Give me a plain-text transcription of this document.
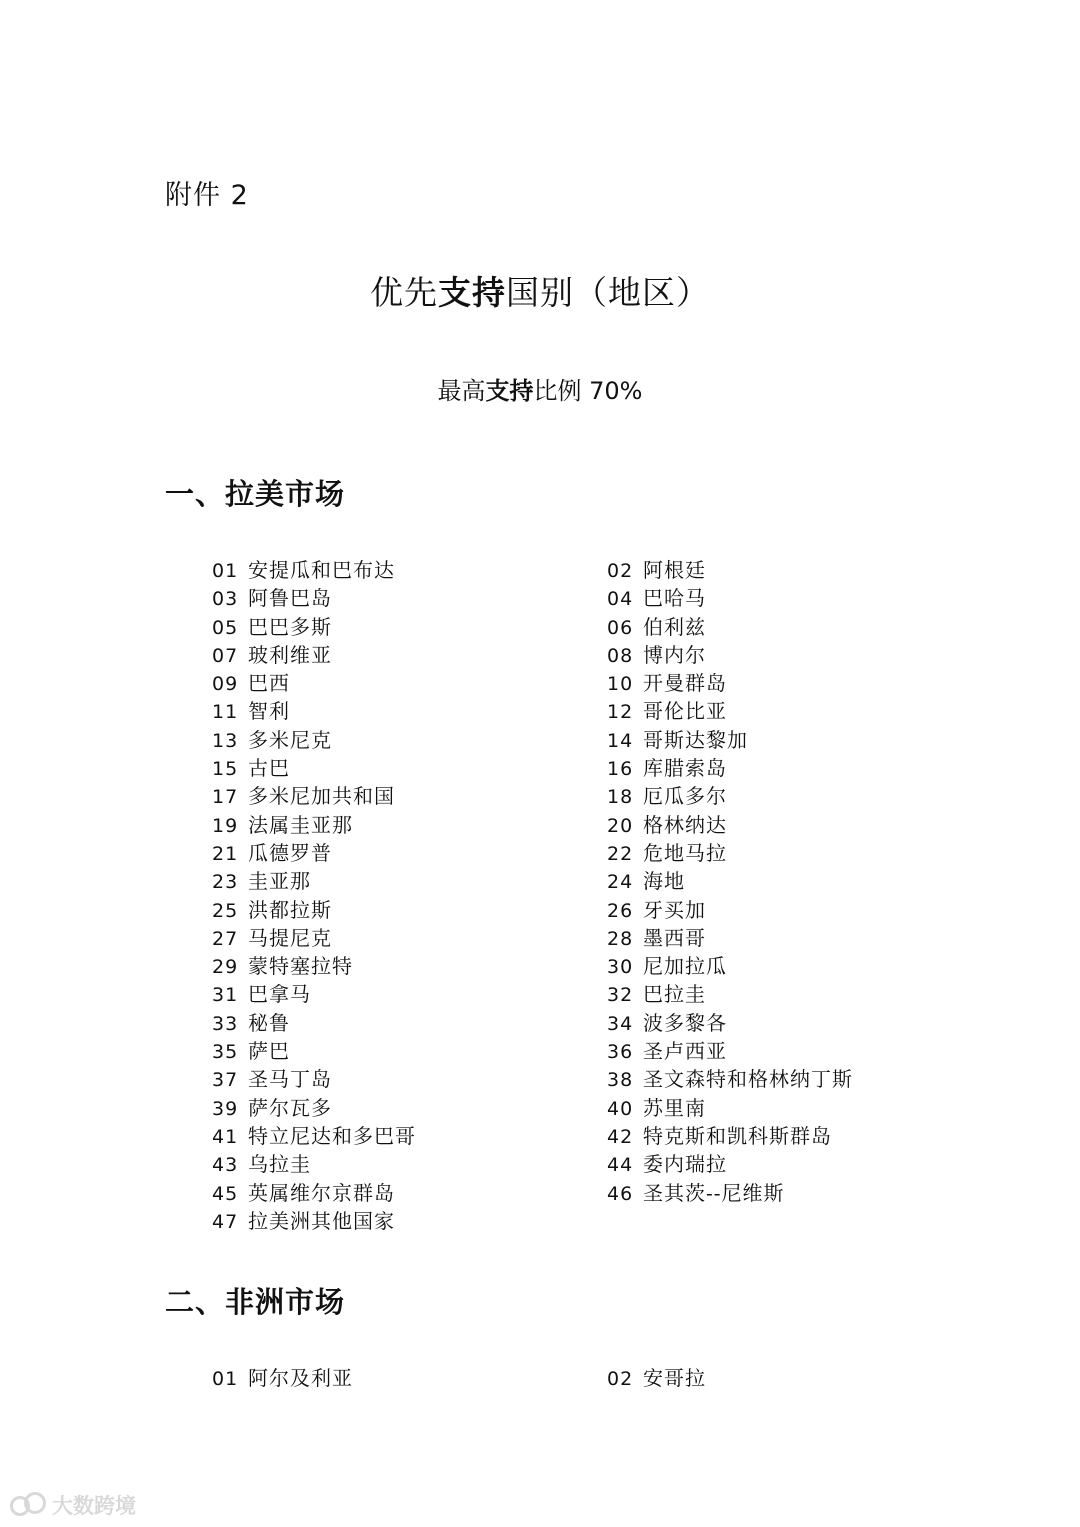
附件 2
优先支持国别（地区）
最高支持比例 70%
一、拉美市场
01 安提瓜和巴布达	02 阿根廷
03 阿鲁巴岛	04 巴哈马
05 巴巴多斯	06 伯利兹
07 玻利维亚	08 博内尔
09 巴西	10 开曼群岛
11 智利	12 哥伦比亚
13 多米尼克	14 哥斯达黎加
15 古巴	16 库腊索岛
17 多米尼加共和国	18 厄瓜多尔
19 法属圭亚那	20 格林纳达
21 瓜德罗普	22 危地马拉
23 圭亚那	24 海地
25 洪都拉斯	26 牙买加
27 马提尼克	28 墨西哥
29 蒙特塞拉特	30 尼加拉瓜
31 巴拿马	32 巴拉圭
33 秘鲁	34 波多黎各
35 萨巴	36 圣卢西亚
37 圣马丁岛	38 圣文森特和格林纳丁斯
39 萨尔瓦多	40 苏里南
41 特立尼达和多巴哥	42 特克斯和凯科斯群岛
43 乌拉圭	44 委内瑞拉
45 英属维尔京群岛	46 圣其茨--尼维斯
47 拉美洲其他国家
二、非洲市场
01 阿尔及利亚	02 安哥拉
大数跨境
